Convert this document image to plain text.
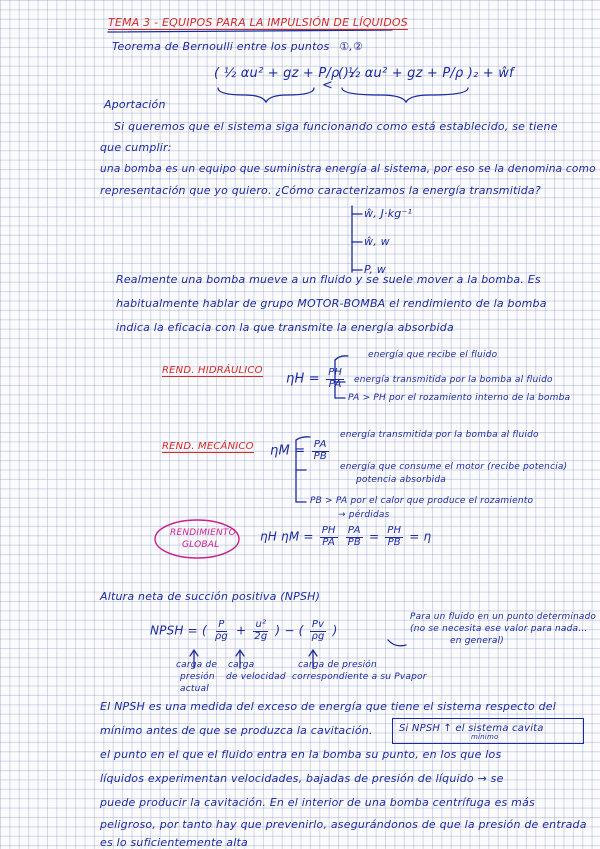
TEMA 3 - EQUIPOS PARA LA IMPULSIÓN DE LÍQUIDOS
Teorema de Bernoulli entre los puntos ①,②
( ½ αu² + gz + P/ρ )₁
<
( ½ αu² + gz + P/ρ )₂ + ŵf
Aportación
Si queremos que el sistema siga funcionando como está establecido, se tiene
que cumplir:
una bomba es un equipo que suministra energía al sistema, por eso se la denomina como
representación que yo quiero. ¿Cómo caracterizamos la energía transmitida?
ŵ, J·kg⁻¹
ŵ, w
P, w
Realmente una bomba mueve a un fluido y se suele mover a la bomba. Es
habitualmente hablar de grupo MOTOR-BOMBA el rendimiento de la bomba
indica la eficacia con la que transmite la energía absorbida
REND. HIDRÁULICO
$\eta H = \frac{PH}{PA}$
energía que recibe el fluido
energía transmitida por la bomba al fluido
PA > PH por el rozamiento interno de la bomba
REND. MECÁNICO $\eta M = \frac{PA}{PB}$
energía transmitida por la bomba al fluido
energía que consume el motor (recibe potencia)
potencia absorbida
PB > PA por el calor que produce el rozamiento
→ pérdidas
RENDIMIENTO
GLOBAL
ηH $\eta M = \frac{PH}{PA}$
$\frac{PA}{PB} = \frac{PH}{PB} = \eta$
Altura neta de succión positiva (NPSH)
NPSH = ( $\frac{P}{\rho g} + \frac{\text{u²}}{2g}$ ) − ( $\frac{Pv}{\rho g}$ )
Para un fluido en un punto determinado
(no se necesita ese valor para nada...
en general)
carga de
presión
actual
carga
de velocidad
carga de presión
correspondiente a su Pvapor
El NPSH es una medida del exceso de energía que tiene el sistema respecto del
mínimo antes de que se produzca la cavitación.	Si NPSH ↑ el sistema cavita
mínimo
el punto en el que el fluido entra en la bomba su punto, en los que los
líquidos experimentan velocidades, bajadas de presión de líquido → se
puede producir la cavitación. En el interior de una bomba centrífuga es más
peligroso, por tanto hay que prevenirlo, asegurándonos de que la presión de entrada
es lo suficientemente alta
